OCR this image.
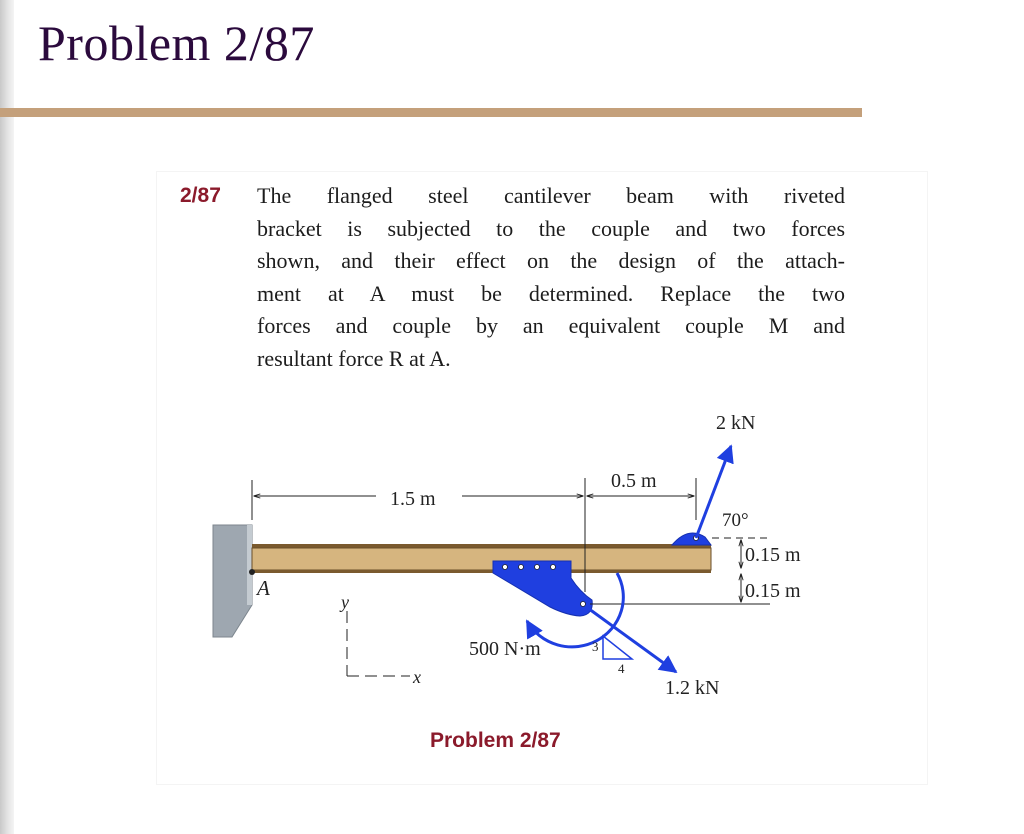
Problem 2/87
2/87 The flanged steel cantilever beam with riveted
bracket is subjected to the couple and two forces
shown, and their effect on the design of the attach-
ment at A must be determined. Replace the two
forces and couple by an equivalent couple M and
resultant force R at A.
A
1.5 m
0.5 m
2 kN
70°
0.15 m
0.15 m
500 N·m
1.2 kN
3
4
y
x
Problem 2/87
